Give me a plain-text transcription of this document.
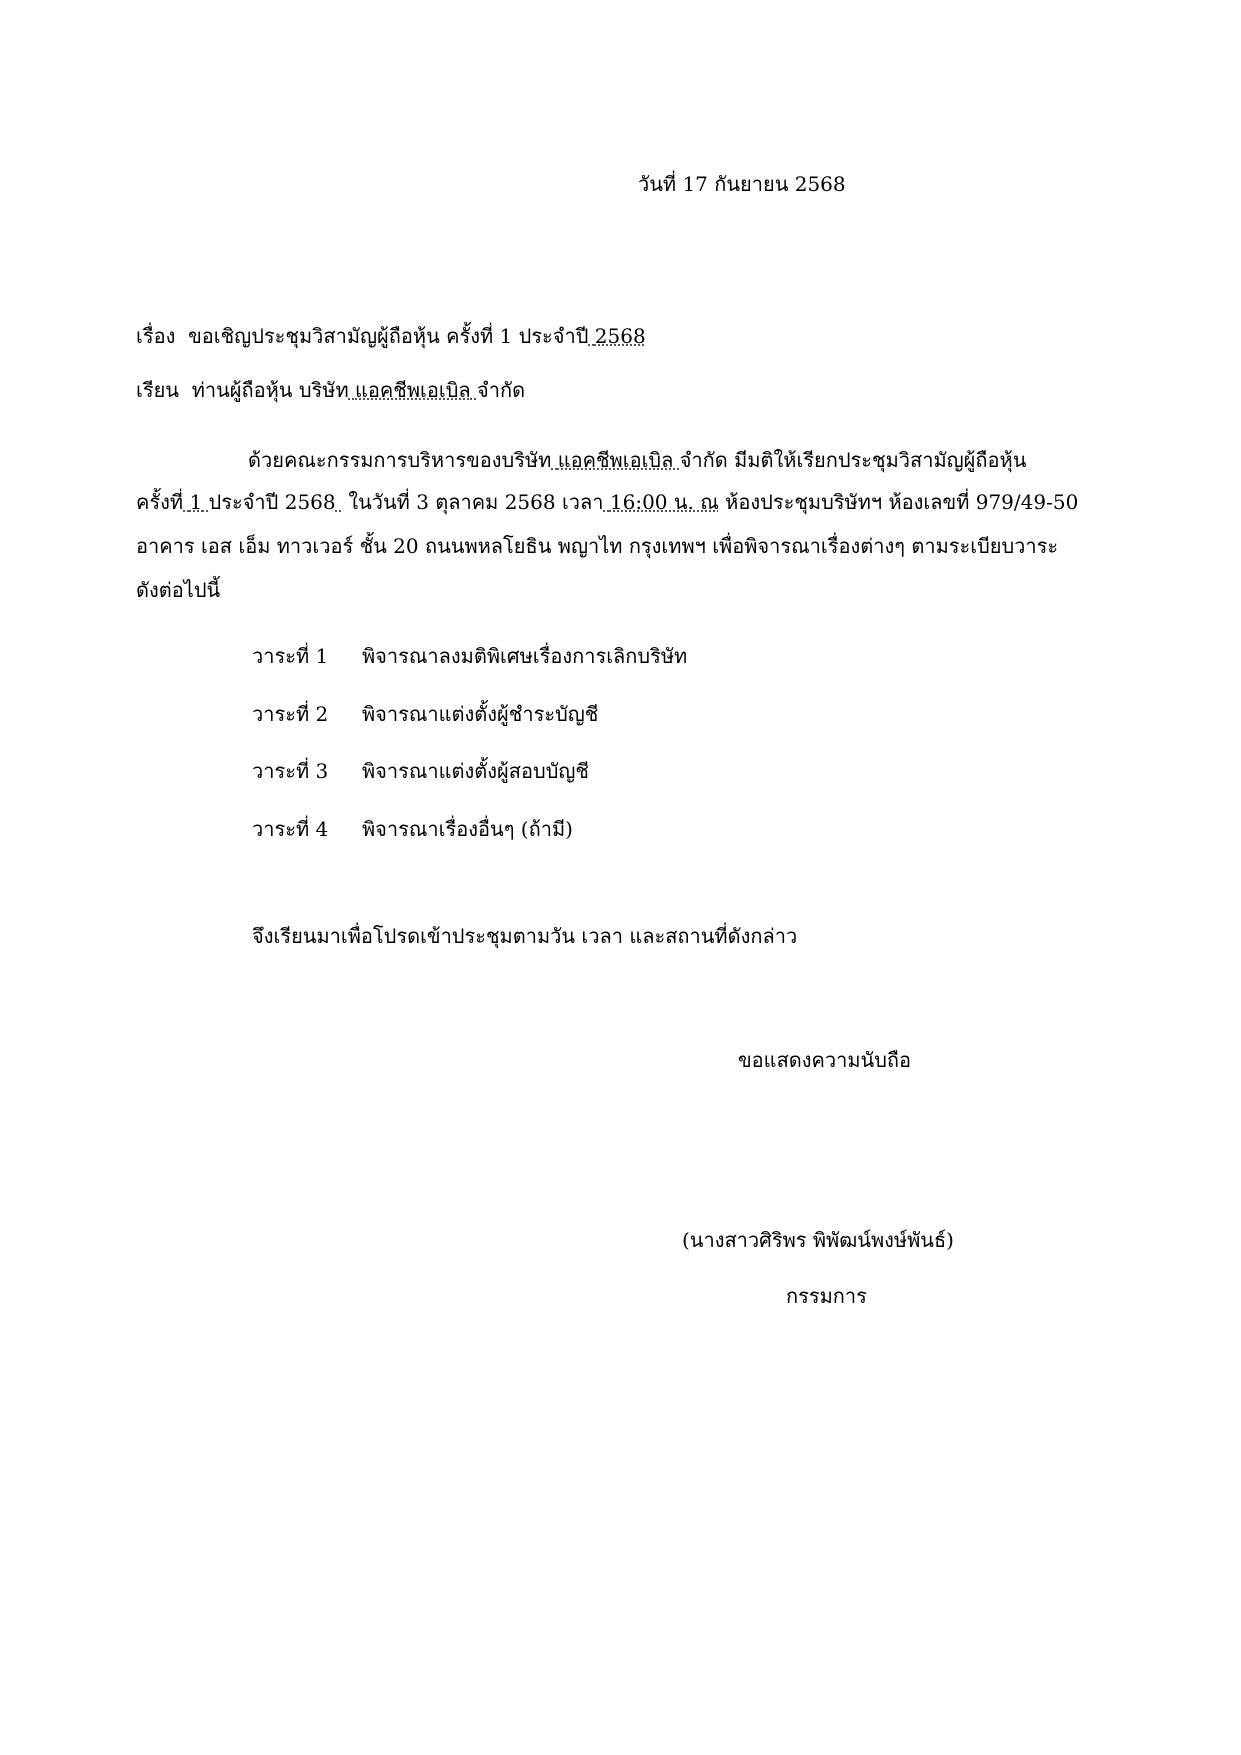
วันที่ 17 กันยายน 2568
เรื่อง ขอเชิญประชุมวิสามัญผู้ถือหุ้น ครั้งที่ 1 ประจำปี 2568
เรียน ท่านผู้ถือหุ้น บริษัท แอคชีพเอเบิล จำกัด
ด้วยคณะกรรมการบริหารของบริษัท แอคชีพเอเบิล จำกัด มีมติให้เรียกประชุมวิสามัญผู้ถือหุ้น
ครั้งที่ 1 ประจำปี 2568 ในวันที่ 3 ตุลาคม 2568 เวลา 16:00 น. ณ ห้องประชุมบริษัทฯ ห้องเลขที่ 979/49-50
อาคาร เอส เอ็ม ทาวเวอร์ ชั้น 20 ถนนพหลโยธิน พญาไท กรุงเทพฯ เพื่อพิจารณาเรื่องต่างๆ ตามระเบียบวาระ
ดังต่อไปนี้
วาระที่ 1 พิจารณาลงมติพิเศษเรื่องการเลิกบริษัท
วาระที่ 2 พิจารณาแต่งตั้งผู้ชำระบัญชี
วาระที่ 3 พิจารณาแต่งตั้งผู้สอบบัญชี
วาระที่ 4 พิจารณาเรื่องอื่นๆ (ถ้ามี)
จึงเรียนมาเพื่อโปรดเข้าประชุมตามวัน เวลา และสถานที่ดังกล่าว
ขอแสดงความนับถือ
(นางสาวศิริพร พิพัฒน์พงษ์พันธ์)
กรรมการ
